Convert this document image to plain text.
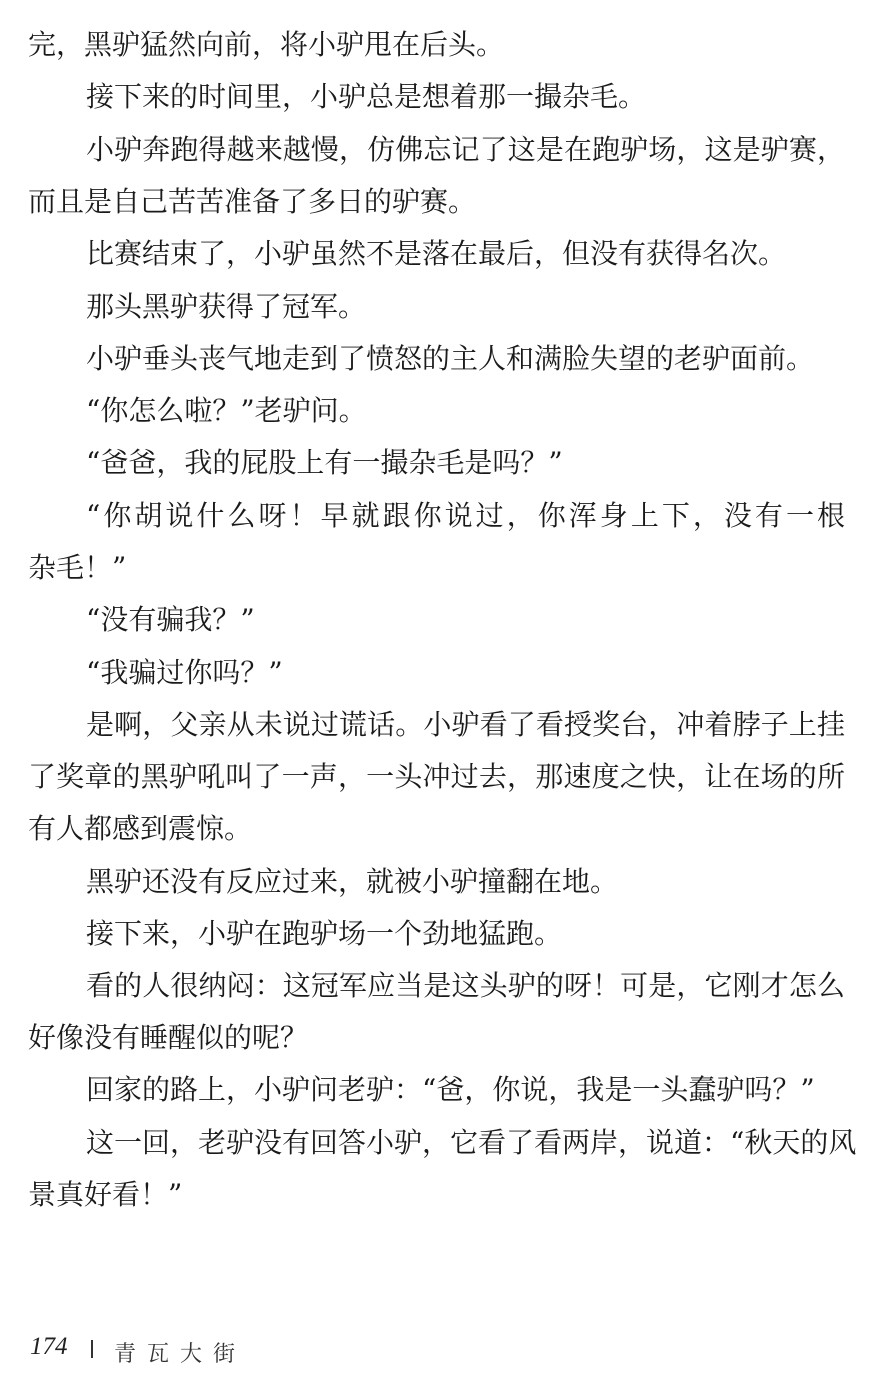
完，黑驴猛然向前，将小驴甩在后头。
接下来的时间里，小驴总是想着那一撮杂毛。
小驴奔跑得越来越慢，仿佛忘记了这是在跑驴场，这是驴赛，
而且是自己苦苦准备了多日的驴赛。
比赛结束了，小驴虽然不是落在最后，但没有获得名次。
那头黑驴获得了冠军。
小驴垂头丧气地走到了愤怒的主人和满脸失望的老驴面前。
“你怎么啦？”老驴问。
“爸爸，我的屁股上有一撮杂毛是吗？”
“你胡说什么呀！早就跟你说过，你浑身上下，没有一根
杂毛！”
“没有骗我？”
“我骗过你吗？”
是啊，父亲从未说过谎话。小驴看了看授奖台，冲着脖子上挂
了奖章的黑驴吼叫了一声，一头冲过去，那速度之快，让在场的所
有人都感到震惊。
黑驴还没有反应过来，就被小驴撞翻在地。
接下来，小驴在跑驴场一个劲地猛跑。
看的人很纳闷：这冠军应当是这头驴的呀！可是，它刚才怎么
好像没有睡醒似的呢？
回家的路上，小驴问老驴：“爸，你说，我是一头蠢驴吗？”
这一回，老驴没有回答小驴，它看了看两岸，说道：“秋天的风
景真好看！”
174 青瓦大街
